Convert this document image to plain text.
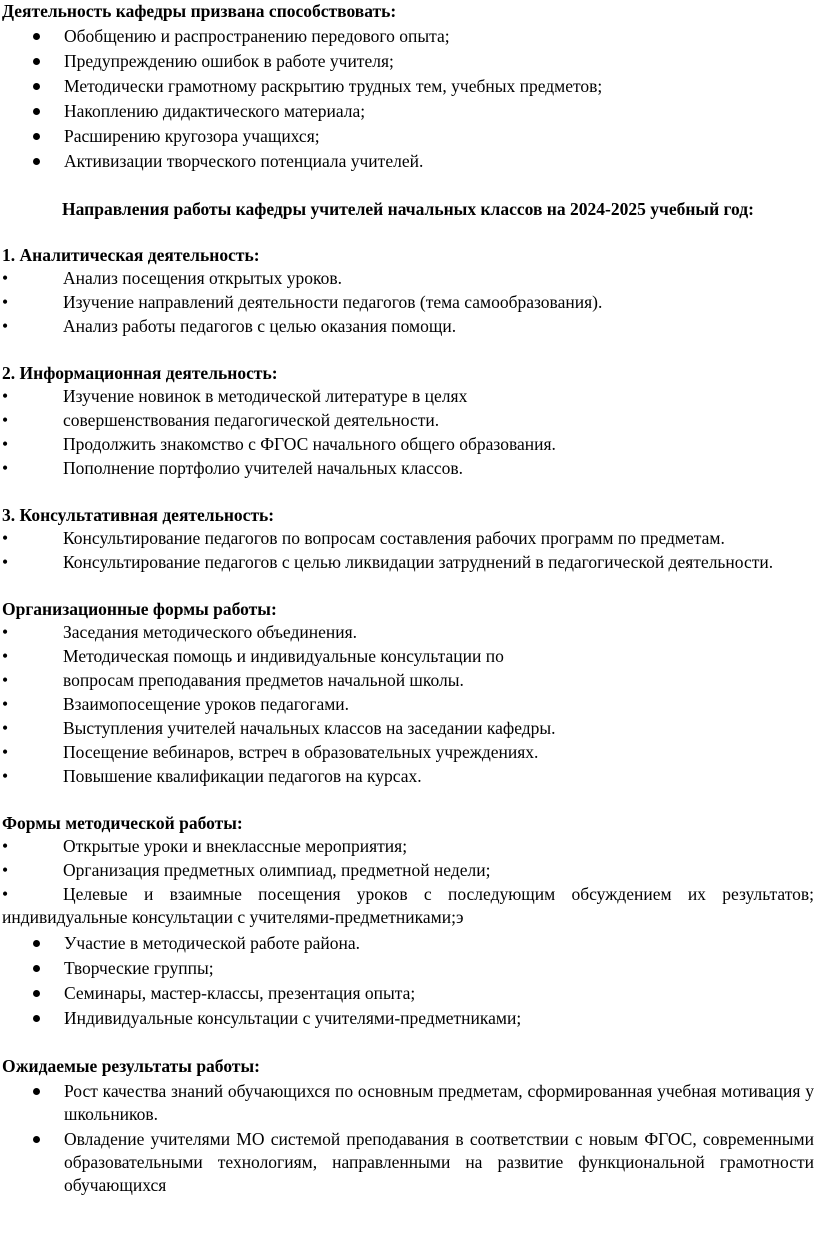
Деятельность кафедры призвана способствовать:

Обобщению и распространению передового опыта;
Предупреждению ошибок в работе учителя;
Методически грамотному раскрытию трудных тем, учебных предметов;
Накоплению дидактического материала;
Расширению кругозора учащихся;
Активизации творческого потенциала учителей.

Направления работы кафедры учителей начальных классов на 2024-2025 учебный год:

1. Аналитическая деятельность:

•	Анализ посещения открытых уроков.
•	Изучение направлений деятельности педагогов (тема самообразования).
•	Анализ работы педагогов с целью оказания помощи.

2. Информационная деятельность:

•	Изучение новинок в методической литературе в целях
•	совершенствования педагогической деятельности.
•	Продолжить знакомство с ФГОС начального общего образования.
•	Пополнение портфолио учителей начальных классов.

3. Консультативная деятельность:

•	Консультирование педагогов по вопросам составления рабочих программ по предметам.
•	Консультирование педагогов с целью ликвидации затруднений в педагогической деятельности.

Организационные формы работы:

•	Заседания методического объединения.
•	Методическая помощь и индивидуальные консультации по
•	вопросам преподавания предметов начальной школы.
•	Взаимопосещение уроков педагогами.
•	Выступления учителей начальных классов на заседании кафедры.
•	Посещение вебинаров, встреч в образовательных учреждениях.
•	Повышение квалификации педагогов на курсах.

Формы методической работы:

•	Открытые уроки и внеклассные мероприятия;
•	Организация предметных олимпиад, предметной недели;
•	Целевые и взаимные посещения уроков с последующим обсуждением их результатов; индивидуальные консультации с учителями-предметниками;э
Участие в методической работе района.
Творческие группы;
Семинары, мастер-классы, презентация опыта;
Индивидуальные консультации с учителями-предметниками;

Ожидаемые результаты работы:

Рост качества знаний обучающихся по основным предметам, сформированная учебная мотивация у школьников.
Овладение учителями МО системой преподавания в соответствии с новым ФГОС, современными образовательными технологиям, направленными на развитие функциональной грамотности обучающихся
